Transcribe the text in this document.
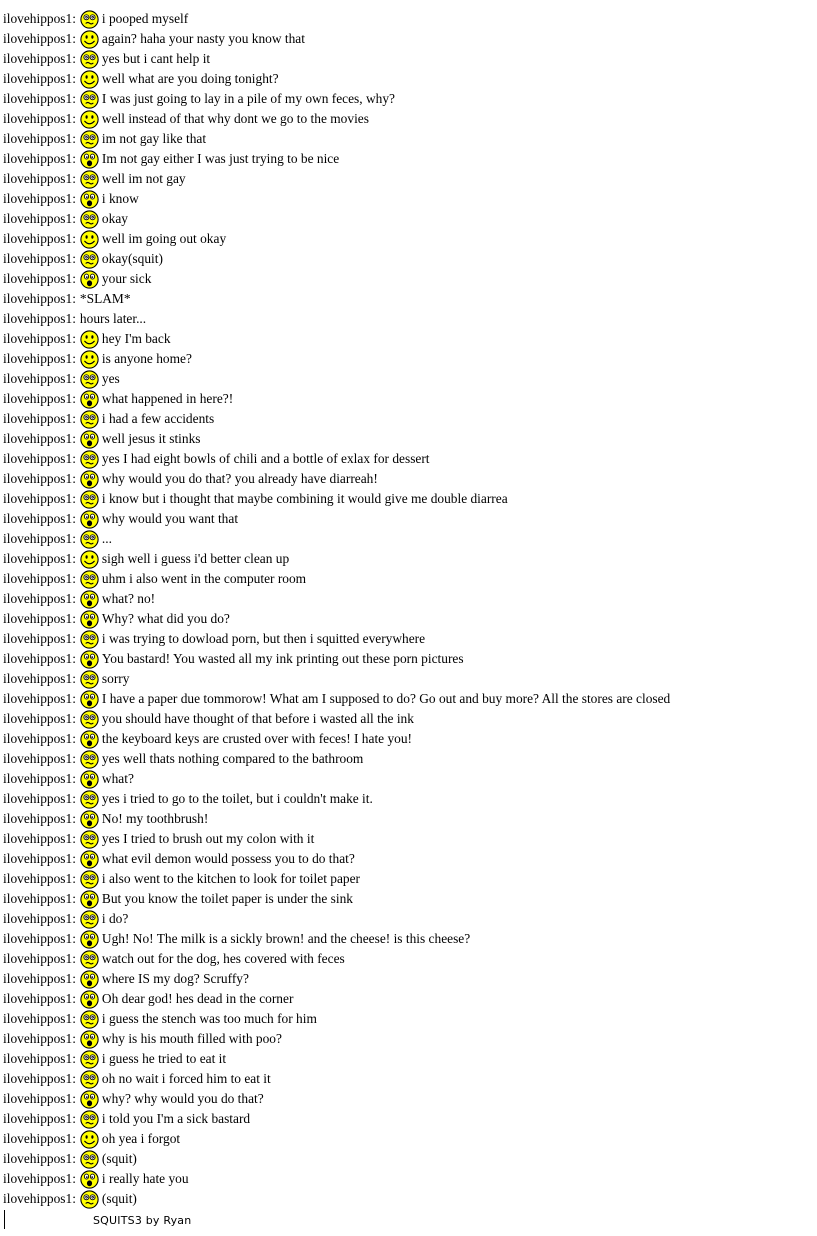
ilovehippos1 : i pooped myself
ilovehippos1 : again? haha your nasty you know that
ilovehippos1 : yes but i cant help it
ilovehippos1 : well what are you doing tonight?
ilovehippos1 : I was just going to lay in a pile of my own feces, why?
ilovehippos1 : well instead of that why dont we go to the movies
ilovehippos1 : im not gay like that
ilovehippos1 : Im not gay either I was just trying to be nice
ilovehippos1 : well im not gay
ilovehippos1 : i know
ilovehippos1 : okay
ilovehippos1 : well im going out okay
ilovehippos1 : okay(squit)
ilovehippos1 : your sick
ilovehippos1 : *SLAM*
ilovehippos1 : hours later...
ilovehippos1 : hey I'm back
ilovehippos1 : is anyone home?
ilovehippos1 : yes
ilovehippos1 : what happened in here?!
ilovehippos1 : i had a few accidents
ilovehippos1 : well jesus it stinks
ilovehippos1 : yes I had eight bowls of chili and a bottle of exlax for dessert
ilovehippos1 : why would you do that? you already have diarreah!
ilovehippos1 : i know but i thought that maybe combining it would give me double diarrea
ilovehippos1 : why would you want that
ilovehippos1 : ...
ilovehippos1 : sigh well i guess i'd better clean up
ilovehippos1 : uhm i also went in the computer room
ilovehippos1 : what? no!
ilovehippos1 : Why? what did you do?
ilovehippos1 : i was trying to dowload porn, but then i squitted everywhere
ilovehippos1 : You bastard! You wasted all my ink printing out these porn pictures
ilovehippos1 : sorry
ilovehippos1 : I have a paper due tommorow! What am I supposed to do? Go out and buy more? All the stores are closed
ilovehippos1 : you should have thought of that before i wasted all the ink
ilovehippos1 : the keyboard keys are crusted over with feces! I hate you!
ilovehippos1 : yes well thats nothing compared to the bathroom
ilovehippos1 : what?
ilovehippos1 : yes i tried to go to the toilet, but i couldn't make it.
ilovehippos1 : No! my toothbrush!
ilovehippos1 : yes I tried to brush out my colon with it
ilovehippos1 : what evil demon would possess you to do that?
ilovehippos1 : i also went to the kitchen to look for toilet paper
ilovehippos1 : But you know the toilet paper is under the sink
ilovehippos1 : i do?
ilovehippos1 : Ugh! No! The milk is a sickly brown! and the cheese! is this cheese?
ilovehippos1 : watch out for the dog, hes covered with feces
ilovehippos1 : where IS my dog? Scruffy?
ilovehippos1 : Oh dear god! hes dead in the corner
ilovehippos1 : i guess the stench was too much for him
ilovehippos1 : why is his mouth filled with poo?
ilovehippos1 : i guess he tried to eat it
ilovehippos1 : oh no wait i forced him to eat it
ilovehippos1 : why? why would you do that?
ilovehippos1 : i told you I'm a sick bastard
ilovehippos1 : oh yea i forgot
ilovehippos1 : (squit)
ilovehippos1 : i really hate you
ilovehippos1 : (squit)
SQUITS3 by Ryan
